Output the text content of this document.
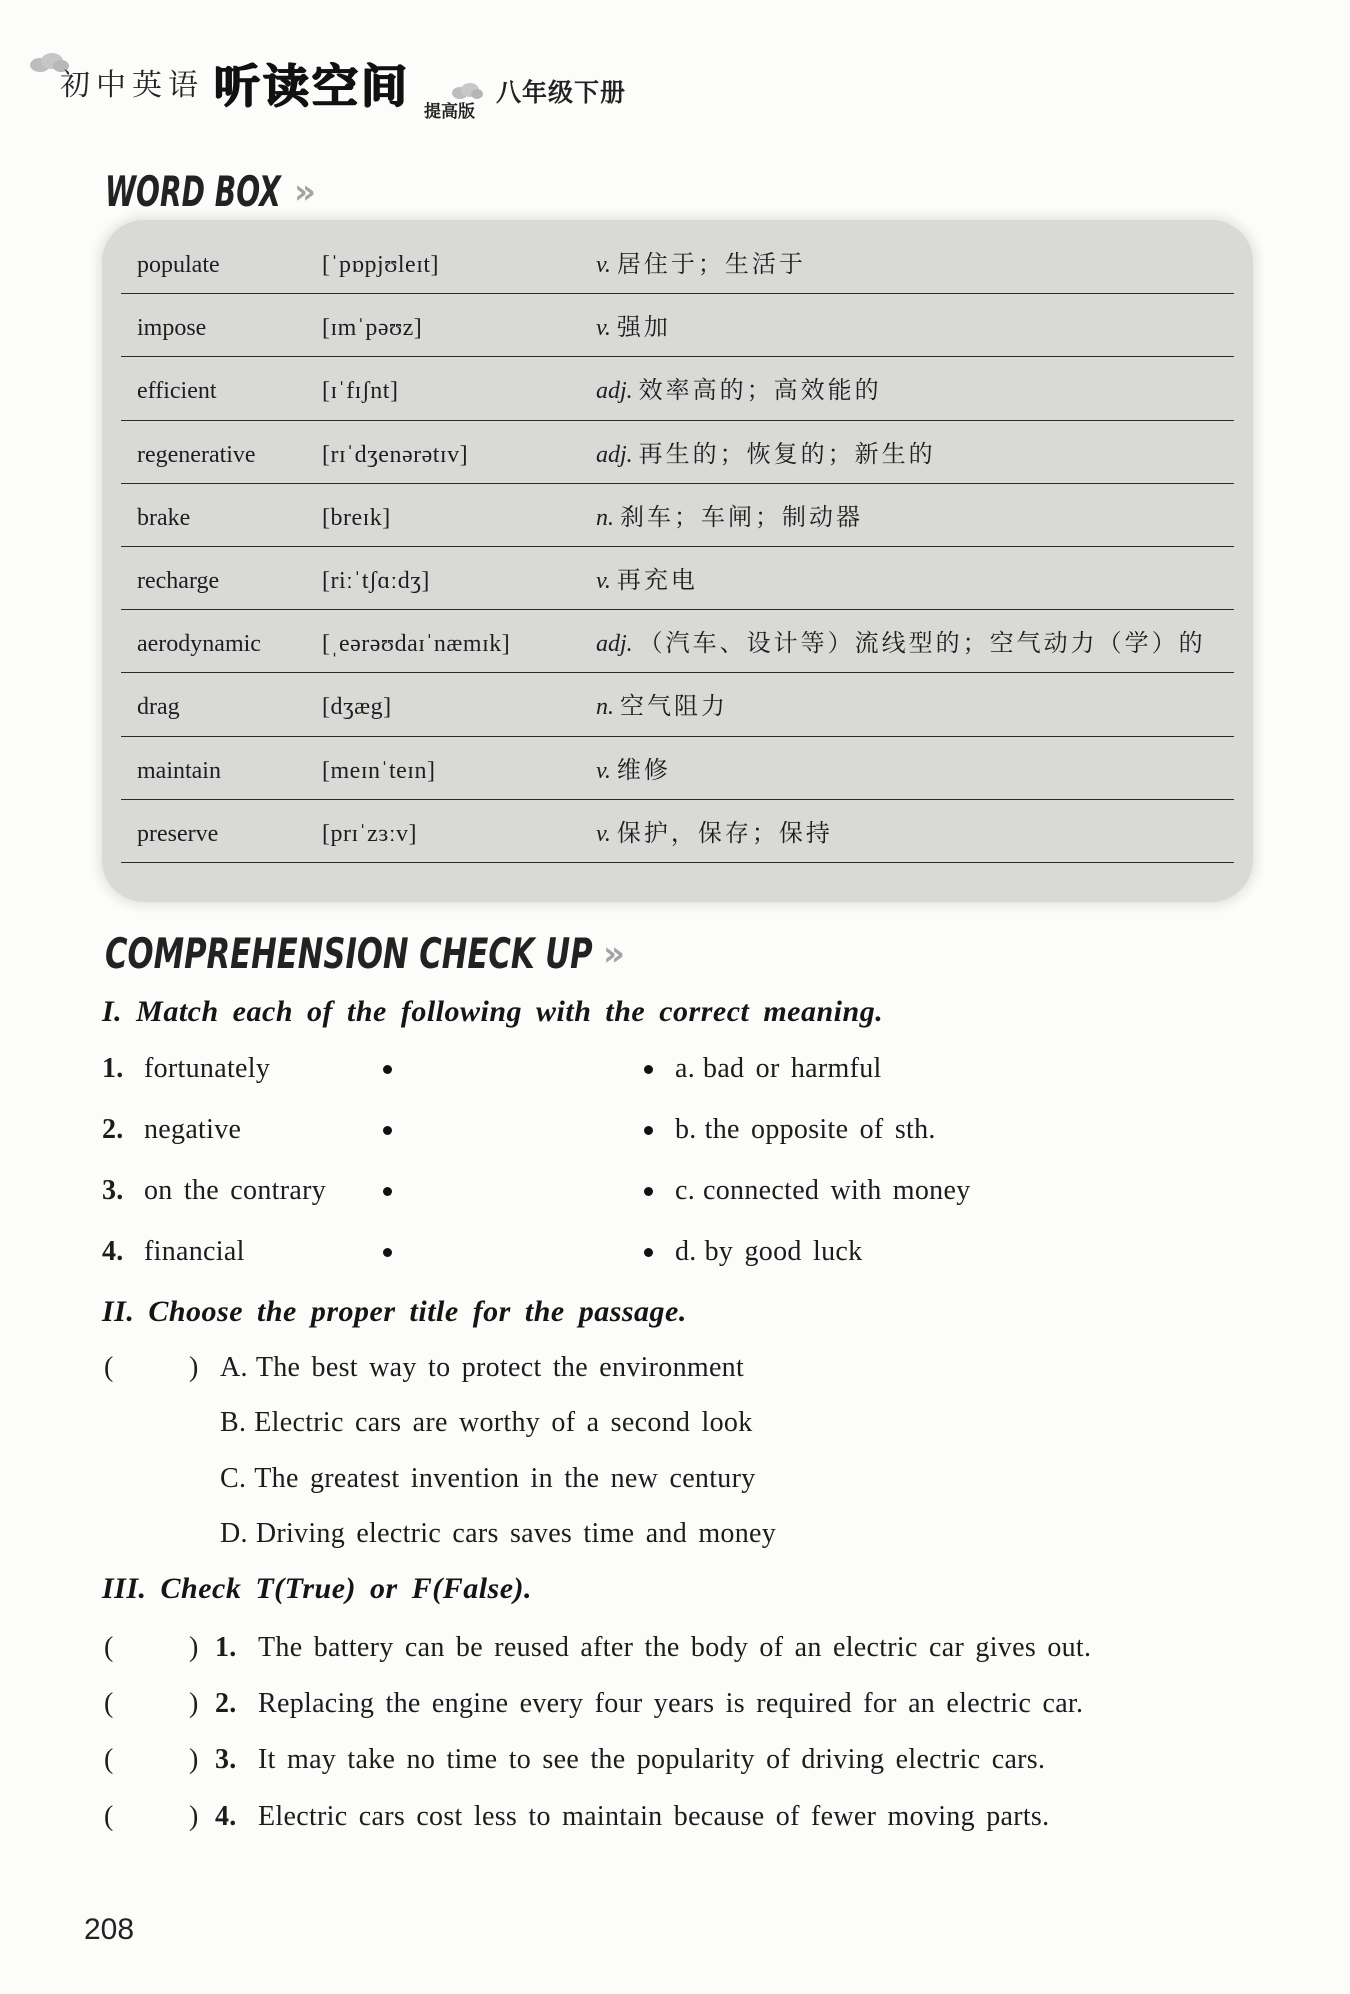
初中英语 听读空间 提高版
八年级下册
WORD BOX »
populate	[ˈpɒpjʊleɪt]	v. 居住于；生活于
impose	[ɪmˈpəʊz]	v. 强加
efficient	[ɪˈfɪʃnt]	adj. 效率高的；高效能的
regenerative	[rɪˈdʒenərətɪv]	adj. 再生的；恢复的；新生的
brake	[breɪk]	n. 刹车；车闸；制动器
recharge	[riːˈtʃɑːdʒ]	v. 再充电
aerodynamic	[ˌeərəʊdaɪˈnæmɪk]	adj. （汽车、设计等）流线型的；空气动力（学）的
drag	[dʒæg]	n. 空气阻力
maintain	[meɪnˈteɪn]	v. 维修
preserve	[prɪˈzɜːv]	v. 保护，保存；保持
COMPREHENSION CHECK UP »
I. Match each of the following with the correct meaning.
1. fortunately	a. bad or harmful
2. negative	b. the opposite of sth.
3. on the contrary	c. connected with money
4. financial	d. by good luck
II. Choose the proper title for the passage.
(	) A. The best way to protect the environment
B. Electric cars are worthy of a second look
C. The greatest invention in the new century
D. Driving electric cars saves time and money
III. Check T(True) or F(False).
(	) 1. The battery can be reused after the body of an electric car gives out.
(	) 2. Replacing the engine every four years is required for an electric car.
(	) 3. It may take no time to see the popularity of driving electric cars.
(	) 4. Electric cars cost less to maintain because of fewer moving parts.
208
